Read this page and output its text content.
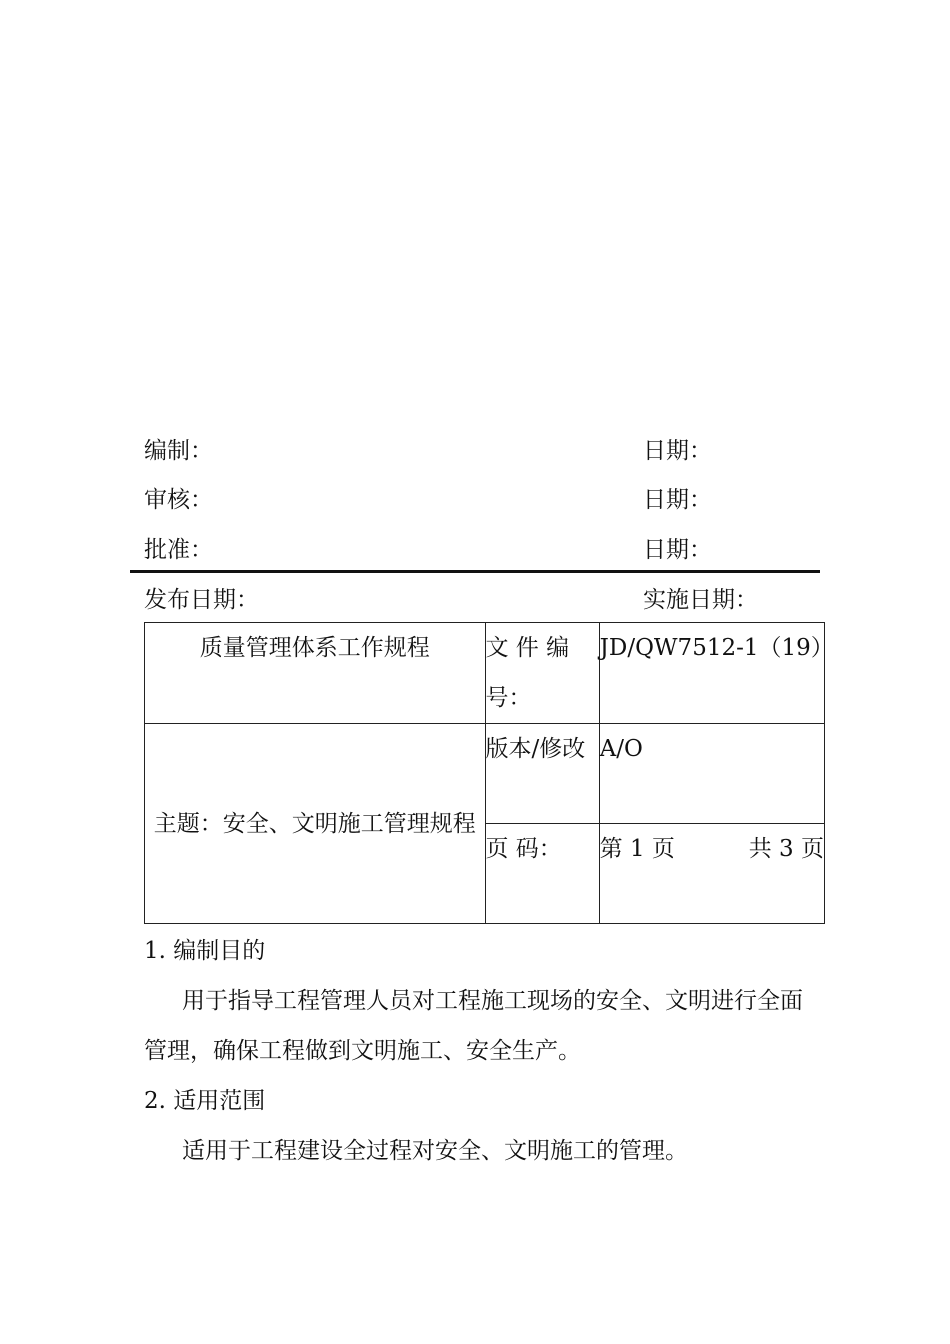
编制：	日期：
审核：	日期：
批准：	日期：
发布日期：	实施日期：
质量管理体系工作规程	文 件 编 号：	JD/QW7512-1（19）
主题：安全、文明施工管理规程	版本/修改	A/O
	页 码：	第 1 页 共 3 页
1. 编制目的
用于指导工程管理人员对工程施工现场的安全、文明进行全面管理，确保工程做到文明施工、安全生产。
2. 适用范围
适用于工程建设全过程对安全、文明施工的管理。
